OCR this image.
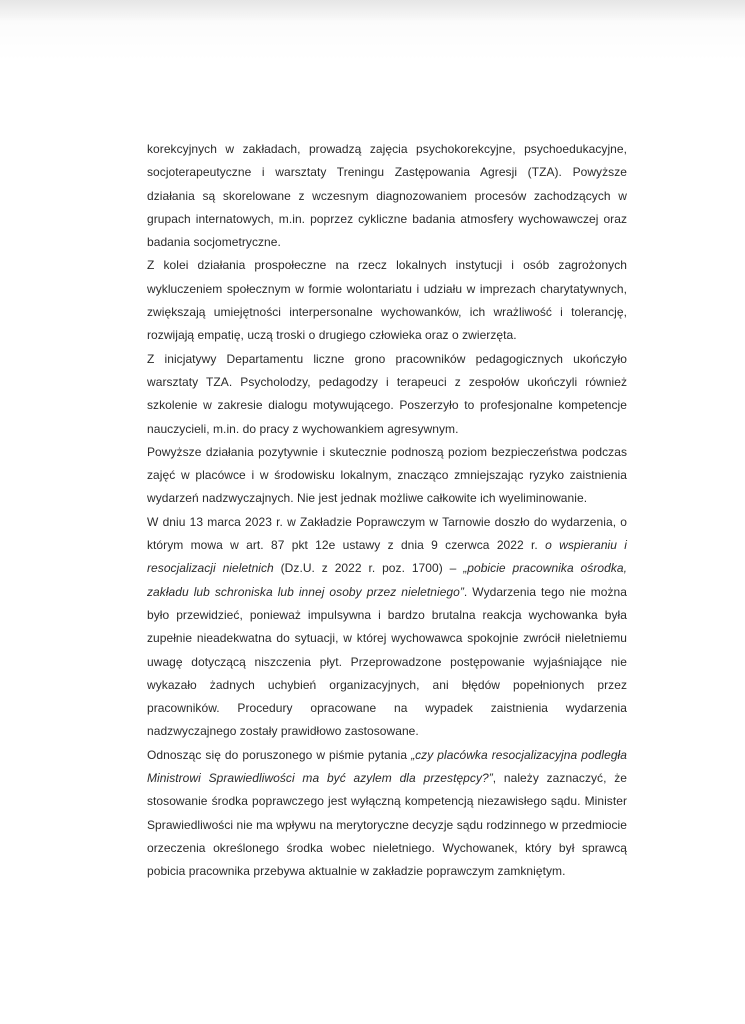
korekcyjnych w zakładach, prowadzą zajęcia psychokorekcyjne, psychoedukacyjne, socjoterapeutyczne i warsztaty Treningu Zastępowania Agresji (TZA). Powyższe działania są skorelowane z wczesnym diagnozowaniem procesów zachodzących w grupach internatowych, m.in. poprzez cykliczne badania atmosfery wychowawczej oraz badania socjometryczne.

Z kolei działania prospołeczne na rzecz lokalnych instytucji i osób zagrożonych wykluczeniem społecznym w formie wolontariatu i udziału w imprezach charytatywnych, zwiększają umiejętności interpersonalne wychowanków, ich wrażliwość i tolerancję, rozwijają empatię, uczą troski o drugiego człowieka oraz o zwierzęta.

Z inicjatywy Departamentu liczne grono pracowników pedagogicznych ukończyło warsztaty TZA. Psycholodzy, pedagodzy i terapeuci z zespołów ukończyli również szkolenie w zakresie dialogu motywującego. Poszerzyło to profesjonalne kompetencje nauczycieli, m.in. do pracy z wychowankiem agresywnym.

Powyższe działania pozytywnie i skutecznie podnoszą poziom bezpieczeństwa podczas zajęć w placówce i w środowisku lokalnym, znacząco zmniejszając ryzyko zaistnienia wydarzeń nadzwyczajnych. Nie jest jednak możliwe całkowite ich wyeliminowanie.

W dniu 13 marca 2023 r. w Zakładzie Poprawczym w Tarnowie doszło do wydarzenia, o którym mowa w art. 87 pkt 12e ustawy z dnia 9 czerwca 2022 r. o wspieraniu i resocjalizacji nieletnich (Dz.U. z 2022 r. poz. 1700) – „pobicie pracownika ośrodka, zakładu lub schroniska lub innej osoby przez nieletniego”. Wydarzenia tego nie można było przewidzieć, ponieważ impulsywna i bardzo brutalna reakcja wychowanka była zupełnie nieadekwatna do sytuacji, w której wychowawca spokojnie zwrócił nieletniemu uwagę dotyczącą niszczenia płyt. Przeprowadzone postępowanie wyjaśniające nie wykazało żadnych uchybień organizacyjnych, ani błędów popełnionych przez pracowników. Procedury opracowane na wypadek zaistnienia wydarzenia nadzwyczajnego zostały prawidłowo zastosowane.

Odnosząc się do poruszonego w piśmie pytania „czy placówka resocjalizacyjna podległa Ministrowi Sprawiedliwości ma być azylem dla przestępcy?”, należy zaznaczyć, że stosowanie środka poprawczego jest wyłączną kompetencją niezawisłego sądu. Minister Sprawiedliwości nie ma wpływu na merytoryczne decyzje sądu rodzinnego w przedmiocie orzeczenia określonego środka wobec nieletniego. Wychowanek, który był sprawcą pobicia pracownika przebywa aktualnie w zakładzie poprawczym zamkniętym.
